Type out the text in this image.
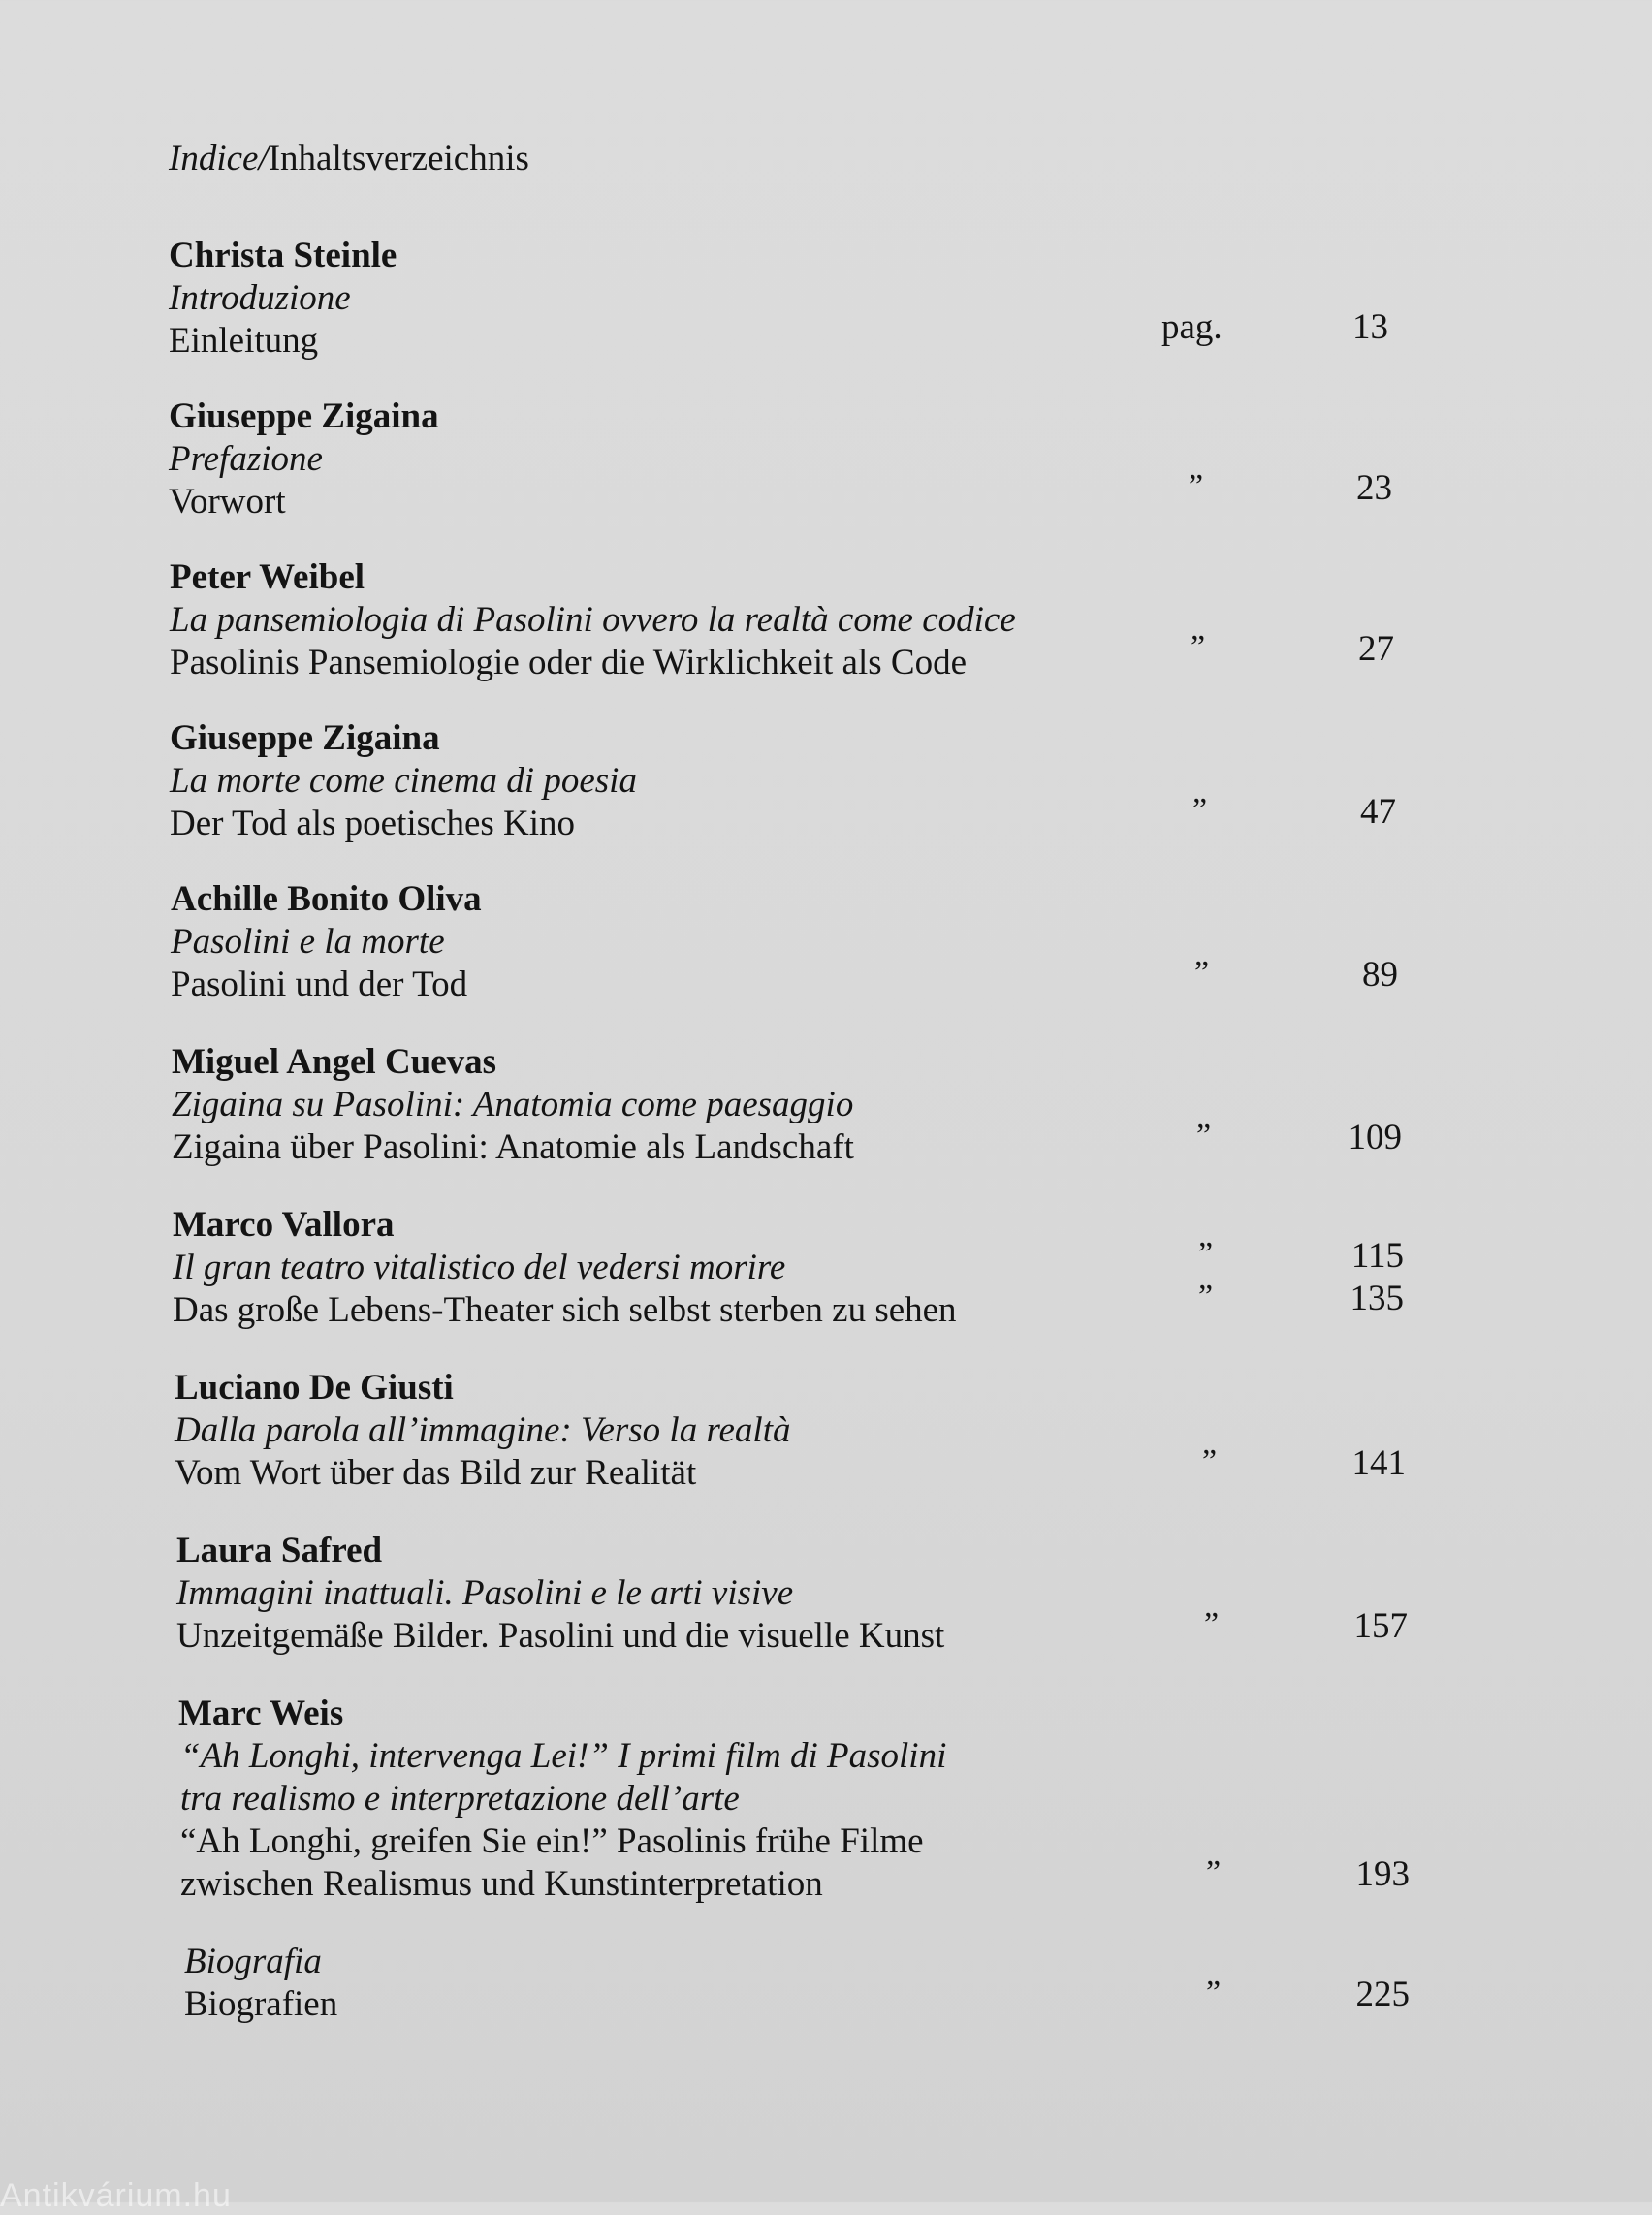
Indice/Inhaltsverzeichnis
Christa Steinle
Introduzione
Einleitung	pag.	13
Giuseppe Zigaina
Prefazione
Vorwort	”	23
Peter Weibel
La pansemiologia di Pasolini ovvero la realtà come codice
Pasolinis Pansemiologie oder die Wirklichkeit als Code	”	27
Giuseppe Zigaina
La morte come cinema di poesia
Der Tod als poetisches Kino	”	47
Achille Bonito Oliva
Pasolini e la morte
Pasolini und der Tod	”	89
Miguel Angel Cuevas
Zigaina su Pasolini: Anatomia come paesaggio
Zigaina über Pasolini: Anatomie als Landschaft	”	109
Marco Vallora
Il gran teatro vitalistico del vedersi morire
Das große Lebens-Theater sich selbst sterben zu sehen
”	115
”	135
Luciano De Giusti
Dalla parola all’immagine: Verso la realtà
Vom Wort über das Bild zur Realität	”	141
Laura Safred
Immagini inattuali. Pasolini e le arti visive
Unzeitgemäße Bilder. Pasolini und die visuelle Kunst	”	157
Marc Weis
“Ah Longhi, intervenga Lei!” I primi film di Pasolini
tra realismo e interpretazione dell’arte
“Ah Longhi, greifen Sie ein!” Pasolinis frühe Filme
zwischen Realismus und Kunstinterpretation	”	193
Biografia
Biografien	”	225
Antikvárium.hu
